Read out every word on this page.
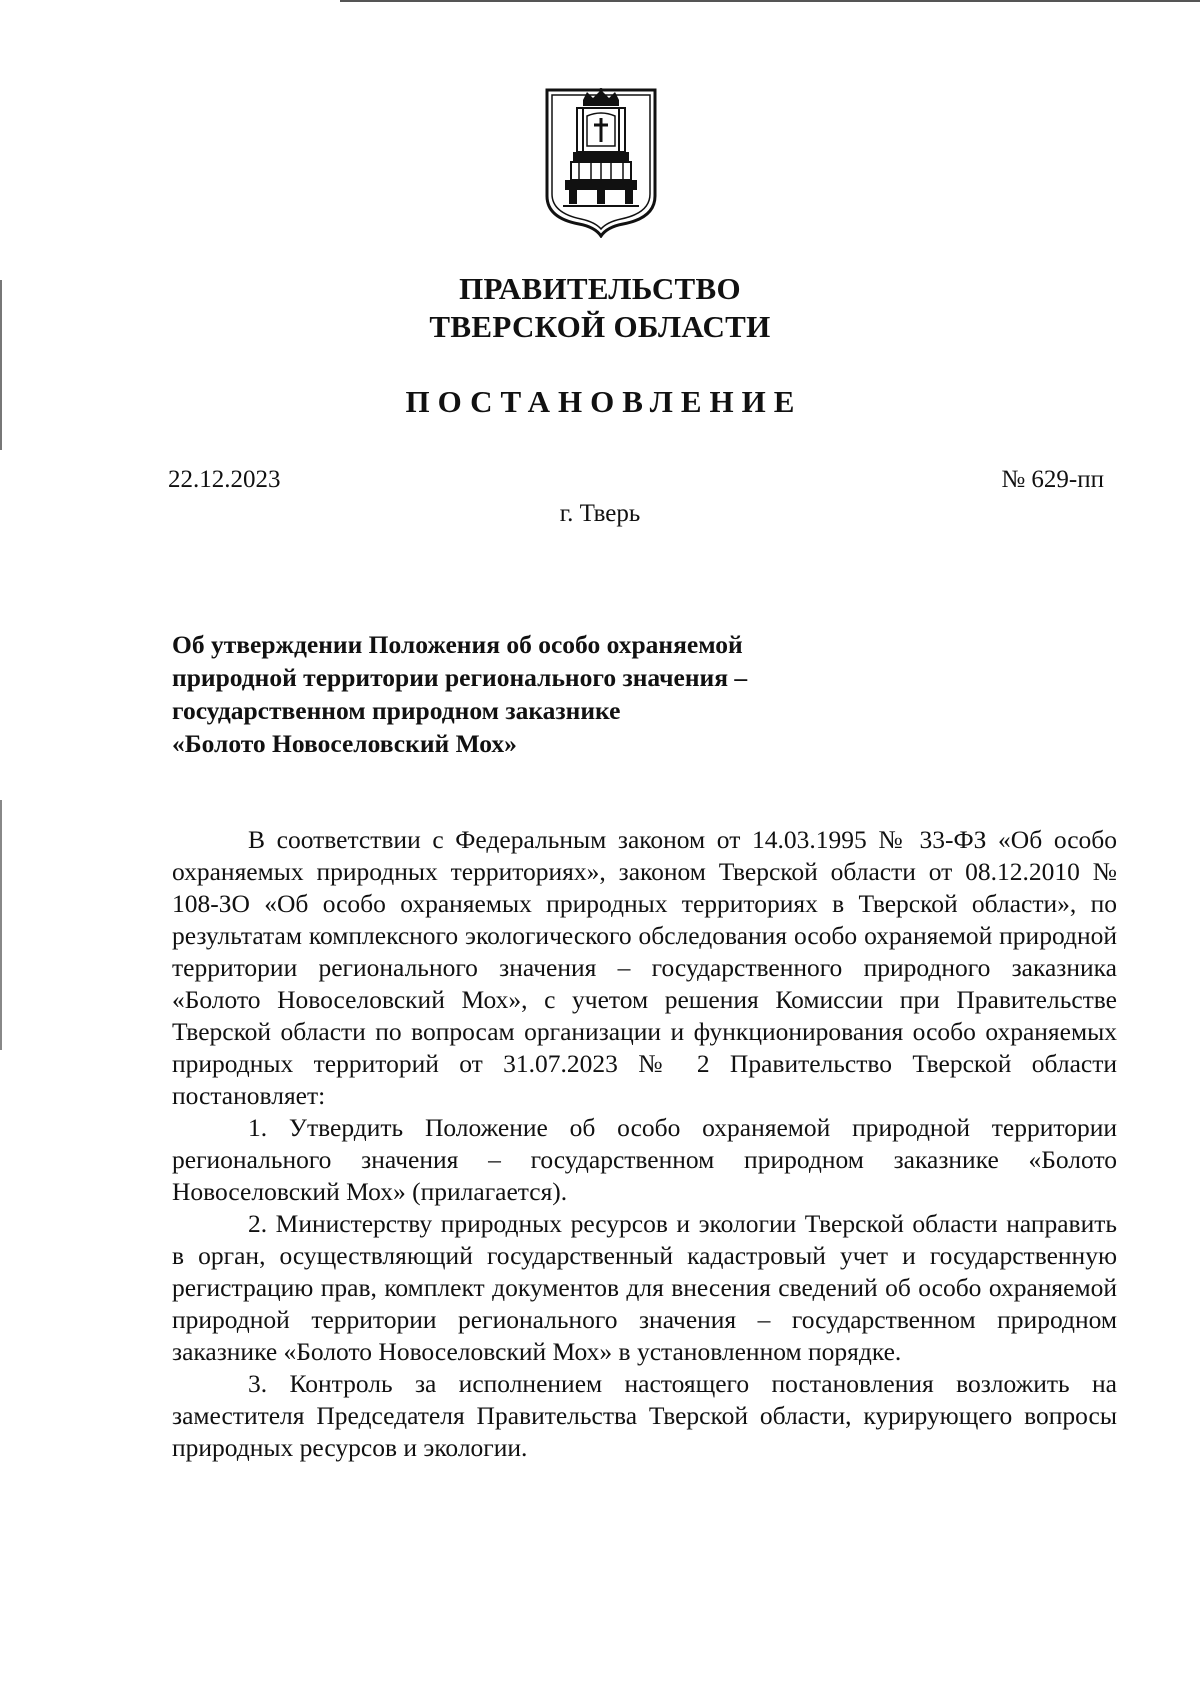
ПРАВИТЕЛЬСТВО
ТВЕРСКОЙ ОБЛАСТИ
ПОСТАНОВЛЕНИЕ
22.12.2023	№ 629-пп
г. Тверь
Об утверждении Положения об особо охраняемой
природной территории регионального значения –
государственном природном заказнике
«Болото Новоселовский Мох»

В соответствии с Федеральным законом от 14.03.1995 № 33-ФЗ «Об особо охраняемых природных территориях», законом Тверской области от 08.12.2010 № 108-ЗО «Об особо охраняемых природных территориях в Тверской области», по результатам комплексного экологического обследования особо охраняемой природной территории регионального значения – государственного природного заказника «Болото Новоселовский Мох», с учетом решения Комиссии при Правительстве Тверской области по вопросам организации и функционирования особо охраняемых природных территорий от 31.07.2023 № 2 Правительство Тверской области постановляет:

1. Утвердить Положение об особо охраняемой природной территории регионального значения – государственном природном заказнике «Болото Новоселовский Мох» (прилагается).

2. Министерству природных ресурсов и экологии Тверской области направить в орган, осуществляющий государственный кадастровый учет и государственную регистрацию прав, комплект документов для внесения сведений об особо охраняемой природной территории регионального значения – государственном природном заказнике «Болото Новоселовский Мох» в установленном порядке.

3. Контроль за исполнением настоящего постановления возложить на заместителя Председателя Правительства Тверской области, курирующего вопросы природных ресурсов и экологии.
